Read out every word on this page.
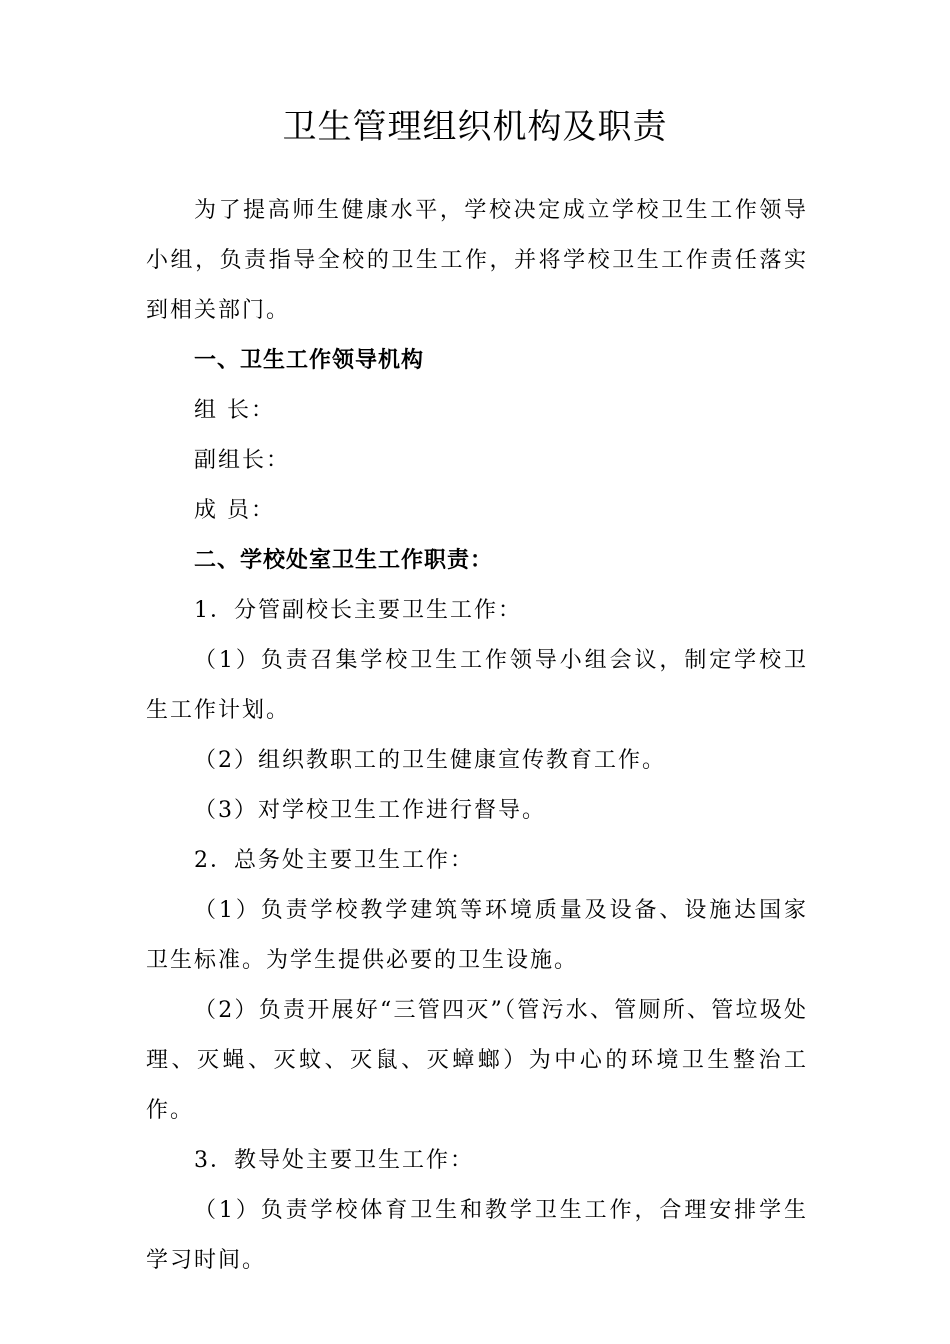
卫生管理组织机构及职责

为了提高师生健康水平，学校决定成立学校卫生工作领导小组，负责指导全校的卫生工作，并将学校卫生工作责任落实到相关部门。

一、卫生工作领导机构

组 长：

副组长：

成 员：

二、学校处室卫生工作职责：

1．分管副校长主要卫生工作：

（1）负责召集学校卫生工作领导小组会议，制定学校卫生工作计划。

（2）组织教职工的卫生健康宣传教育工作。

（3）对学校卫生工作进行督导。

2．总务处主要卫生工作：

（1）负责学校教学建筑等环境质量及设备、设施达国家卫生标准。为学生提供必要的卫生设施。

（2）负责开展好“三管四灭”（管污水、管厕所、管垃圾处理、灭蝇、灭蚊、灭鼠、灭蟑螂）为中心的环境卫生整治工作。

3．教导处主要卫生工作：

（1）负责学校体育卫生和教学卫生工作，合理安排学生学习时间。
